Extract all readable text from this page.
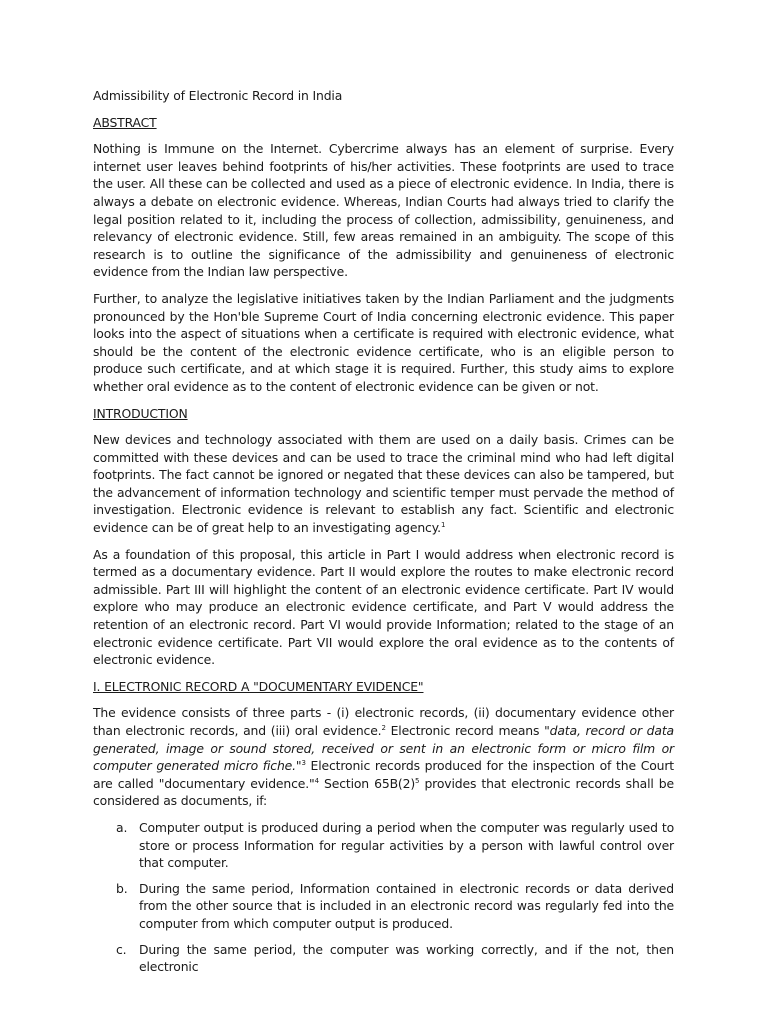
Admissibility of Electronic Record in India

ABSTRACT

Nothing is Immune on the Internet. Cybercrime always has an element of surprise. Every internet user leaves behind footprints of his/her activities. These footprints are used to trace the user. All these can be collected and used as a piece of electronic evidence. In India, there is always a debate on electronic evidence. Whereas, Indian Courts had always tried to clarify the legal position related to it, including the process of collection, admissibility, genuineness, and relevancy of electronic evidence. Still, few areas remained in an ambiguity. The scope of this research is to outline the significance of the admissibility and genuineness of electronic evidence from the Indian law perspective.

Further, to analyze the legislative initiatives taken by the Indian Parliament and the judgments pronounced by the Hon'ble Supreme Court of India concerning electronic evidence. This paper looks into the aspect of situations when a certificate is required with electronic evidence, what should be the content of the electronic evidence certificate, who is an eligible person to produce such certificate, and at which stage it is required. Further, this study aims to explore whether oral evidence as to the content of electronic evidence can be given or not.

INTRODUCTION

New devices and technology associated with them are used on a daily basis. Crimes can be committed with these devices and can be used to trace the criminal mind who had left digital footprints. The fact cannot be ignored or negated that these devices can also be tampered, but the advancement of information technology and scientific temper must pervade the method of investigation. Electronic evidence is relevant to establish any fact. Scientific and electronic evidence can be of great help to an investigating agency.$^1$

As a foundation of this proposal, this article in Part I would address when electronic record is termed as a documentary evidence. Part II would explore the routes to make electronic record admissible. Part III will highlight the content of an electronic evidence certificate. Part IV would explore who may produce an electronic evidence certificate, and Part V would address the retention of an electronic record. Part VI would provide Information; related to the stage of an electronic evidence certificate. Part VII would explore the oral evidence as to the contents of electronic evidence.

I. ELECTRONIC RECORD A "DOCUMENTARY EVIDENCE"

The evidence consists of three parts - (i) electronic records, (ii) documentary evidence other than electronic records, and (iii) oral evidence.$^2$ Electronic record means "data, record or data generated, image or sound stored, received or sent in an electronic form or micro film or computer generated micro fiche."$^3$ Electronic records produced for the inspection of the Court are called "documentary evidence."$^4$ Section $65B(2)^5$ provides that electronic records shall be considered as documents, if:

a. Computer output is produced during a period when the computer was regularly used to store or process Information for regular activities by a person with lawful control over that computer.
b. During the same period, Information contained in electronic records or data derived from the other source that is included in an electronic record was regularly fed into the computer from which computer output is produced.
c.	During the same period, the computer was working correctly, and if the not, then electronic
